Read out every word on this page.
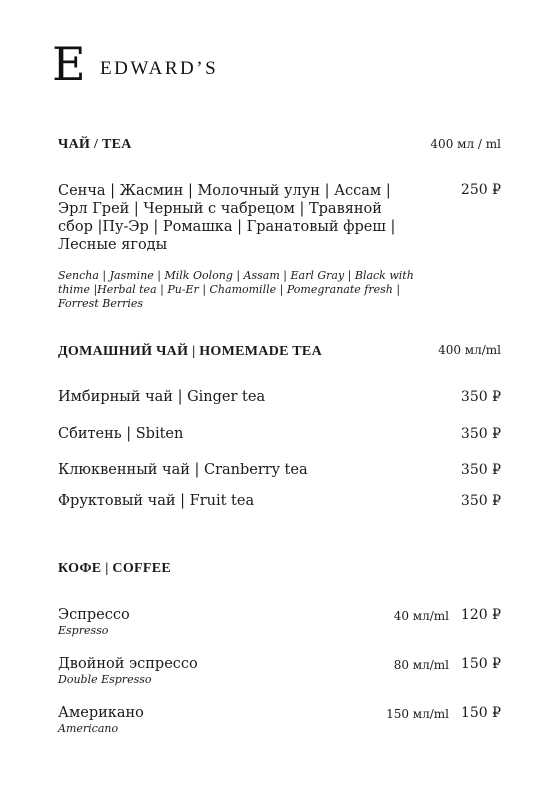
E EDWARD’S
ЧАЙ / TEA	400 мл / ml
Сенча | Жасмин | Молочный улун | Ассам | Эрл Грей | Черный с чабрецом | Травяной сбор |Пу-Эр | Ромашка | Гранатовый фреш | Лесные ягоды
250 ₽
Sencha | Jasmine | Milk Oolong | Assam | Earl Gray | Black with thime |Herbal tea | Pu-Er | Chamomille | Pomegranate fresh | Forrest Berries
ДОМАШНИЙ ЧАЙ | HOMEMADE TEA	400 мл/ml
Имбирный чай | Ginger tea	350 ₽
Сбитень | Sbiten	350 ₽
Клюквенный чай | Cranberry tea	350 ₽
Фруктовый чай | Fruit tea	350 ₽
КОФЕ | COFFEE
Эспрессо
Espresso
40 мл/ml 120 ₽
Двойной эспрессо
Double Espresso
80 мл/ml 150 ₽
Американо
Americano
150 мл/ml 150 ₽
